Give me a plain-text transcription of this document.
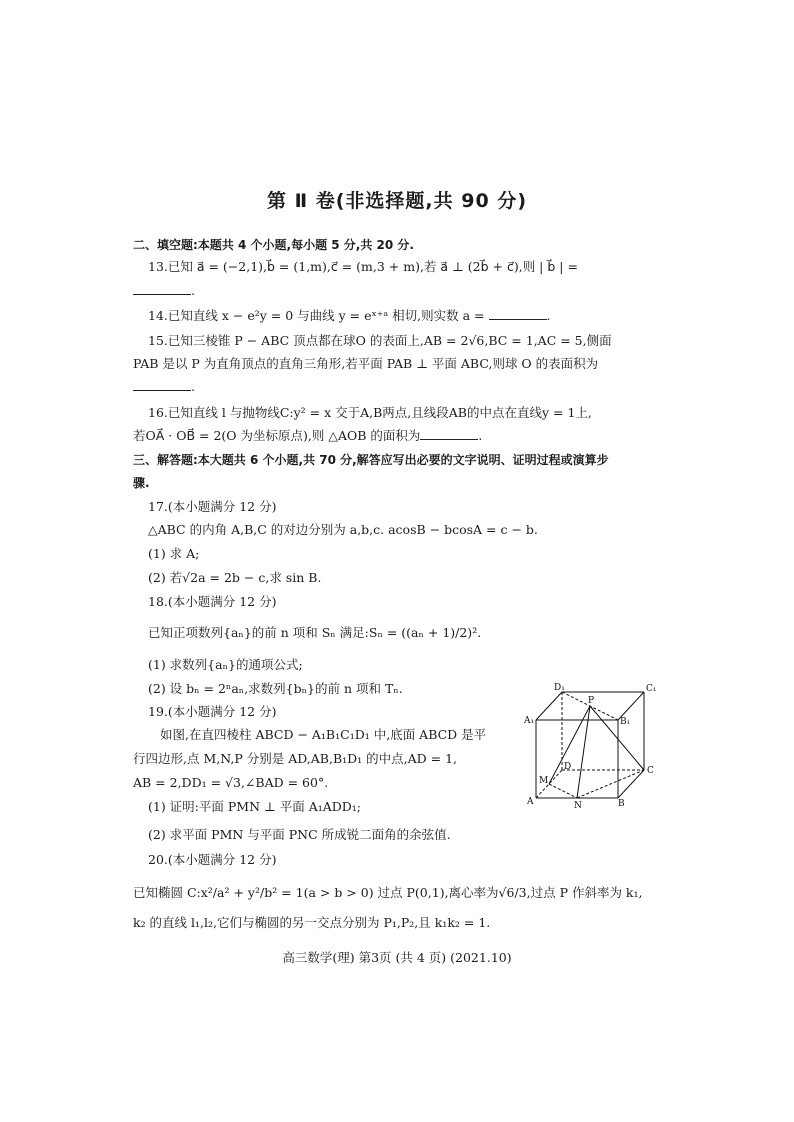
第 Ⅱ 卷(非选择题,共 90 分)
二、填空题:本题共 4 个小题,每小题 5 分,共 20 分.
13.已知 a⃗ = (−2,1),b⃗ = (1,m),c⃗ = (m,3 + m),若 a⃗ ⊥ (2b⃗ + c⃗),则 | b⃗ | =
.
14.已知直线 x − e²y = 0 与曲线 y = eˣ⁺ᵃ 相切,则实数 a =	.
15.已知三棱锥 P − ABC 顶点都在球O 的表面上,AB = 2√6,BC = 1,AC = 5,侧面
PAB 是以 P 为直角顶点的直角三角形,若平面 PAB ⊥ 平面 ABC,则球 O 的表面积为
.
16.已知直线 l 与抛物线C:y² = x 交于A,B两点,且线段AB的中点在直线y = 1上,
若OA⃗ · OB⃗ = 2(O 为坐标原点),则 △AOB 的面积为	.
三、解答题:本大题共 6 个小题,共 70 分,解答应写出必要的文字说明、证明过程或演算步
骤.
17.(本小题满分 12 分)
△ABC 的内角 A,B,C 的对边分别为 a,b,c. acosB − bcosA = c − b.
(1) 求 A;
(2) 若√2a = 2b − c,求 sin B.
18.(本小题满分 12 分)
已知正项数列{aₙ}的前 n 项和 Sₙ 满足:Sₙ = ((aₙ + 1)/2)².
(1) 求数列{aₙ}的通项公式;
(2) 设 bₙ = 2ⁿaₙ,求数列{bₙ}的前 n 项和 Tₙ.
19.(本小题满分 12 分)
如图,在直四棱柱 ABCD − A₁B₁C₁D₁ 中,底面 ABCD 是平
行四边形,点 M,N,P 分别是 AD,AB,B₁D₁ 的中点,AD = 1,
AB = 2,DD₁ = √3,∠BAD = 60°.
(1) 证明:平面 PMN ⊥ 平面 A₁ADD₁;
(2) 求平面 PMN 与平面 PNC 所成锐二面角的余弦值.
D₁	C₁
A₁	B₁
P
D
M
C
A	N	B
20.(本小题满分 12 分)
已知椭圆 C:x²/a² + y²/b² = 1(a > b > 0) 过点 P(0,1),离心率为√6/3,过点 P 作斜率为 k₁,
k₂ 的直线 l₁,l₂,它们与椭圆的另一交点分别为 P₁,P₂,且 k₁k₂ = 1.
高三数学(理) 第3页 (共 4 页) (2021.10)
